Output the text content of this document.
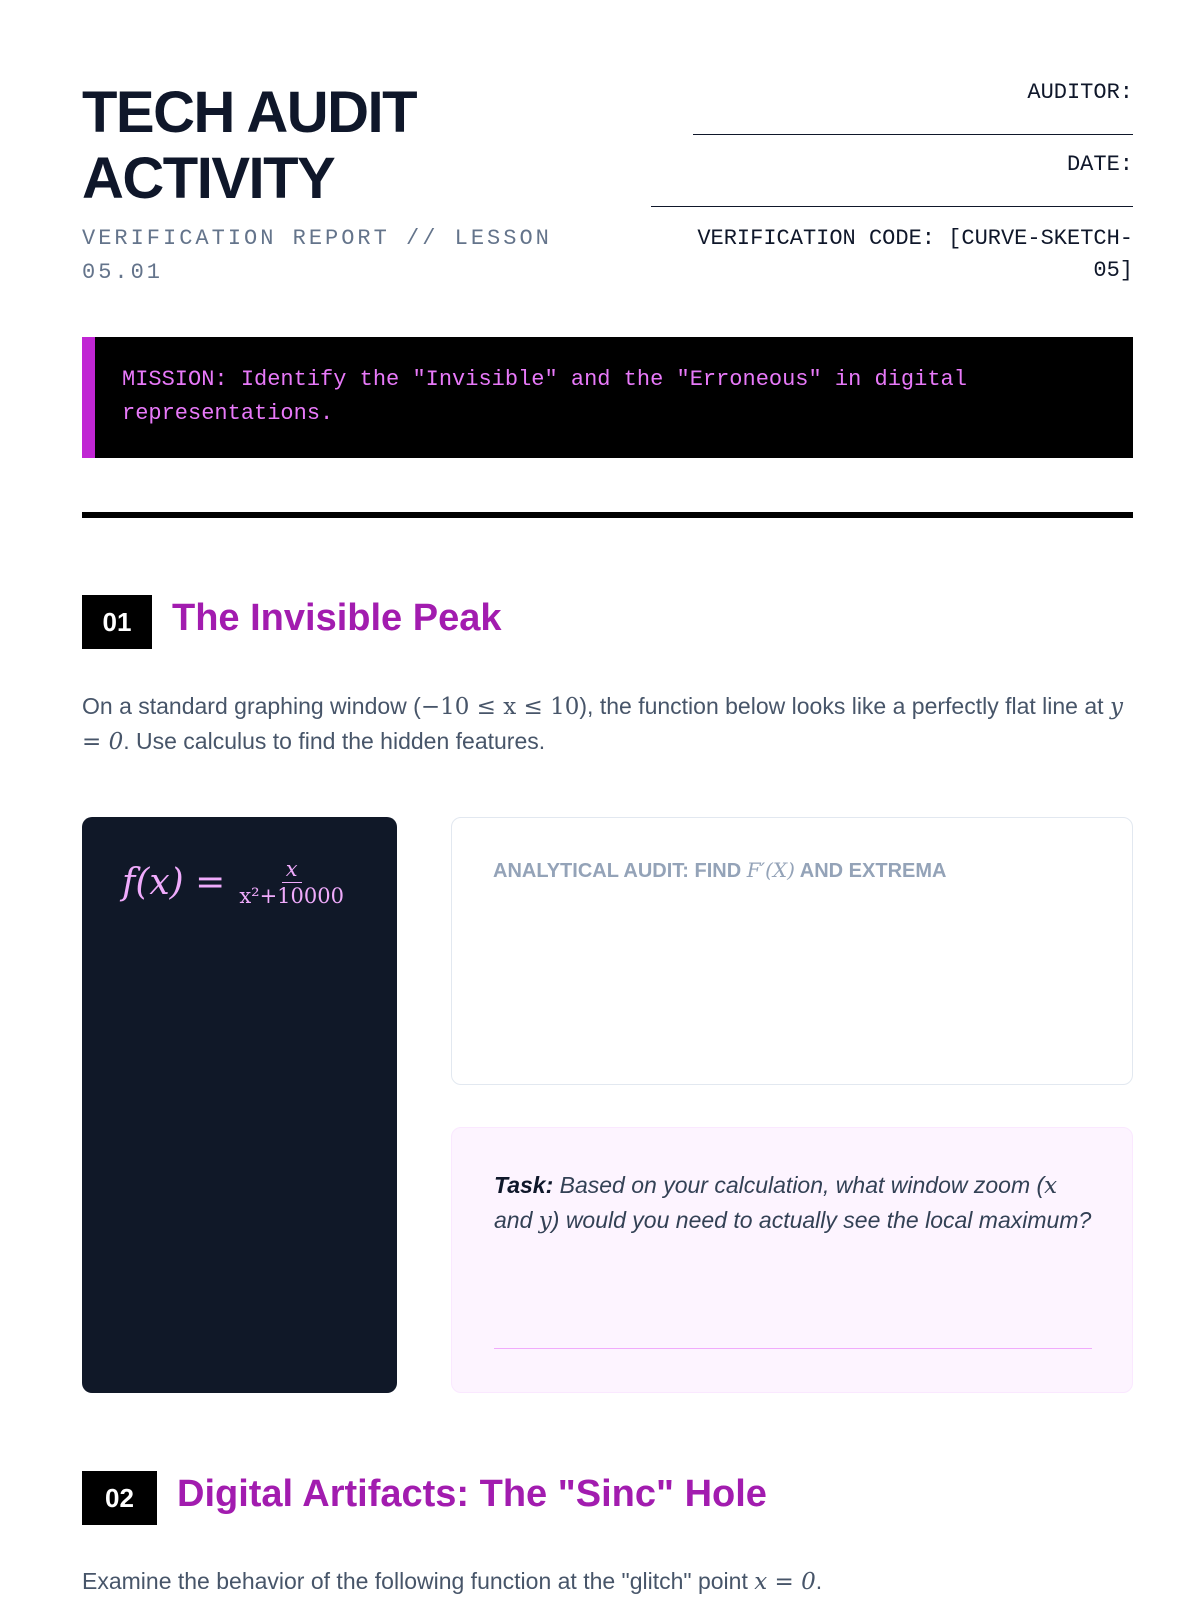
TECH AUDIT
ACTIVITY
VERIFICATION REPORT // LESSON 05.01
AUDITOR:
DATE:
VERIFICATION CODE: [CURVE-SKETCH-
05]
MISSION: Identify the "Invisible" and the "Erroneous" in digital representations.
01	The Invisible Peak
On a standard graphing window (−10 ≤ x ≤ 10), the function below looks like a perfectly flat line at y = 0. Use calculus to find the hidden features.
$f(x) = \frac{x}{\text{x²+10000}}$	ANALYTICAL AUDIT: FIND F′(X) AND EXTREMA
Task: Based on your calculation, what window zoom (x and y) would you need to actually see the local maximum?
02	Digital Artifacts: The "Sinc" Hole
Examine the behavior of the following function at the "glitch" point x = 0.
